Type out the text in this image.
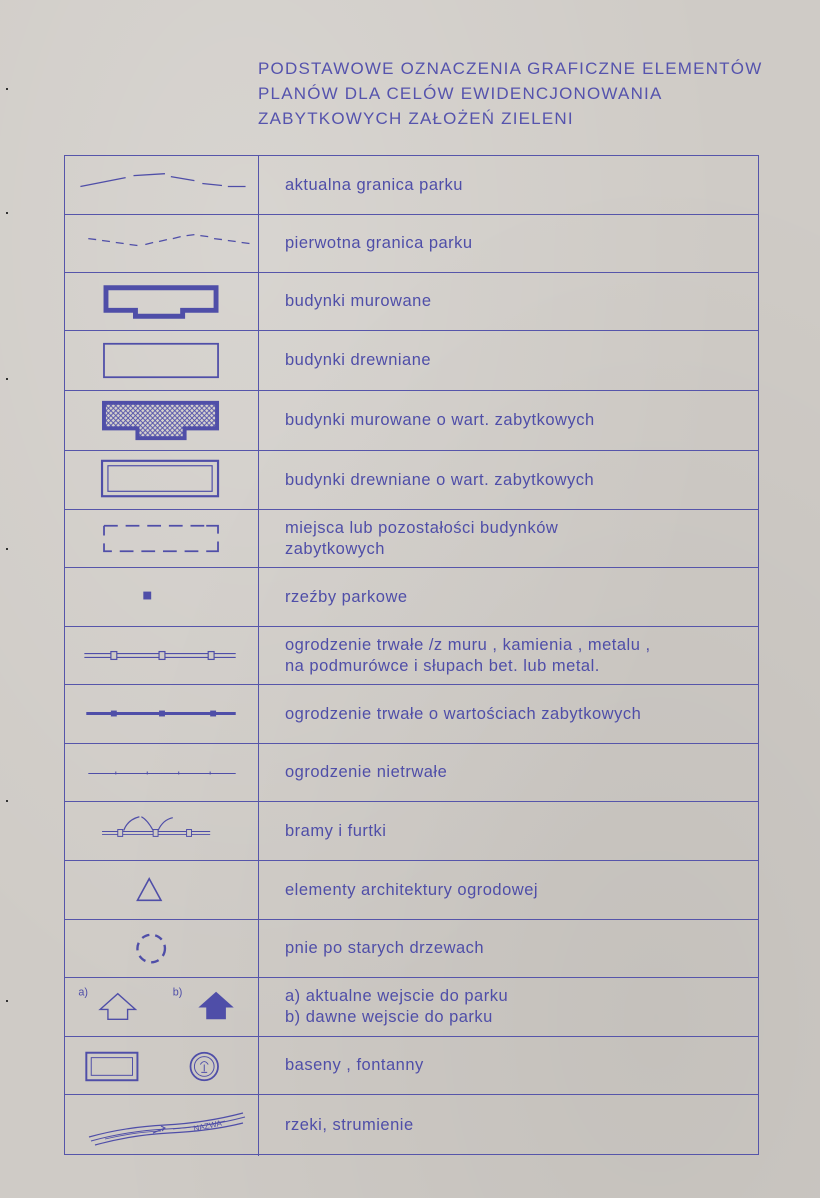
PODSTAWOWE OZNACZENIA GRAFICZNE ELEMENTÓW
PLANÓW DLA CELÓW EWIDENCJONOWANIA
ZABYTKOWYCH ZAŁOŻEŃ ZIELENI
aktualna granica parku
pierwotna granica parku
budynki murowane
budynki drewniane
budynki murowane o wart. zabytkowych
budynki drewniane o wart. zabytkowych
miejsca lub pozostałości budynków
zabytkowych
rzeźby parkowe
ogrodzenie trwałe /z muru , kamienia , metalu ,
na podmurówce i słupach bet. lub metal.
ogrodzenie trwałe o wartościach zabytkowych
ogrodzenie nietrwałe
bramy i furtki
elementy architektury ogrodowej
pnie po starych drzewach
a)	b)	a) aktualne wejscie do parku
b) dawne wejscie do parku
baseny , fontanny
NAZWA	rzeki, strumienie
